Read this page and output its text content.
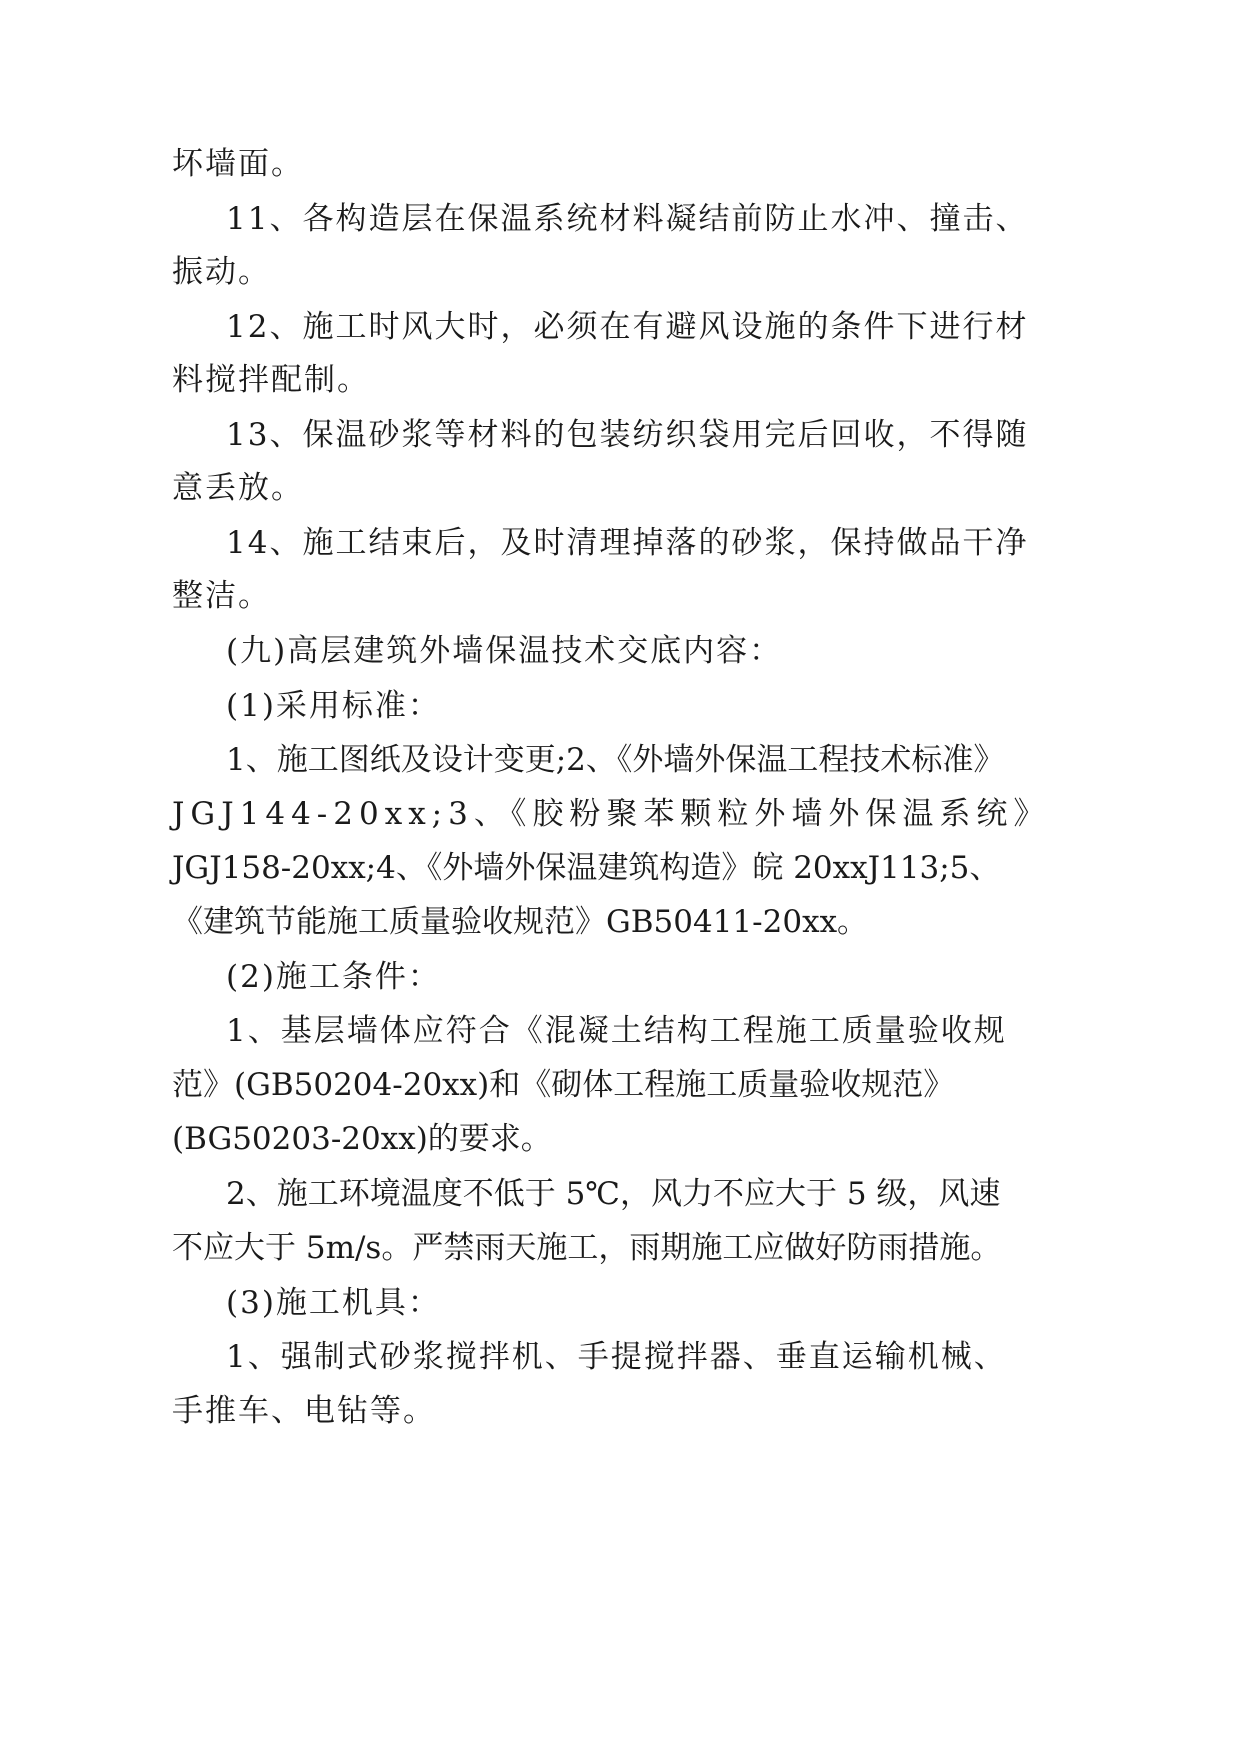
坏墙面。
11、各构造层在保温系统材料凝结前防止水冲、撞击、
振动。
12、施工时风大时，必须在有避风设施的条件下进行材
料搅拌配制。
13、保温砂浆等材料的包装纺织袋用完后回收，不得随
意丢放。
14、施工结束后，及时清理掉落的砂浆，保持做品干净
整洁。
(九)高层建筑外墙保温技术交底内容：
(1)采用标准：
1、施工图纸及设计变更;2、《外墙外保温工程技术标准》
JGJ144-20xx;3、《胶粉聚苯颗粒外墙外保温系统》
JGJ158-20xx;4、《外墙外保温建筑构造》皖 20xxJ113;5、
《建筑节能施工质量验收规范》GB50411-20xx。
(2)施工条件：
1、基层墙体应符合《混凝土结构工程施工质量验收规
范》(GB50204-20xx)和《砌体工程施工质量验收规范》
(BG50203-20xx)的要求。
2、施工环境温度不低于 5℃，风力不应大于 5 级，风速
不应大于 5m/s。严禁雨天施工，雨期施工应做好防雨措施。
(3)施工机具：
1、强制式砂浆搅拌机、手提搅拌器、垂直运输机械、
手推车、电钻等。
